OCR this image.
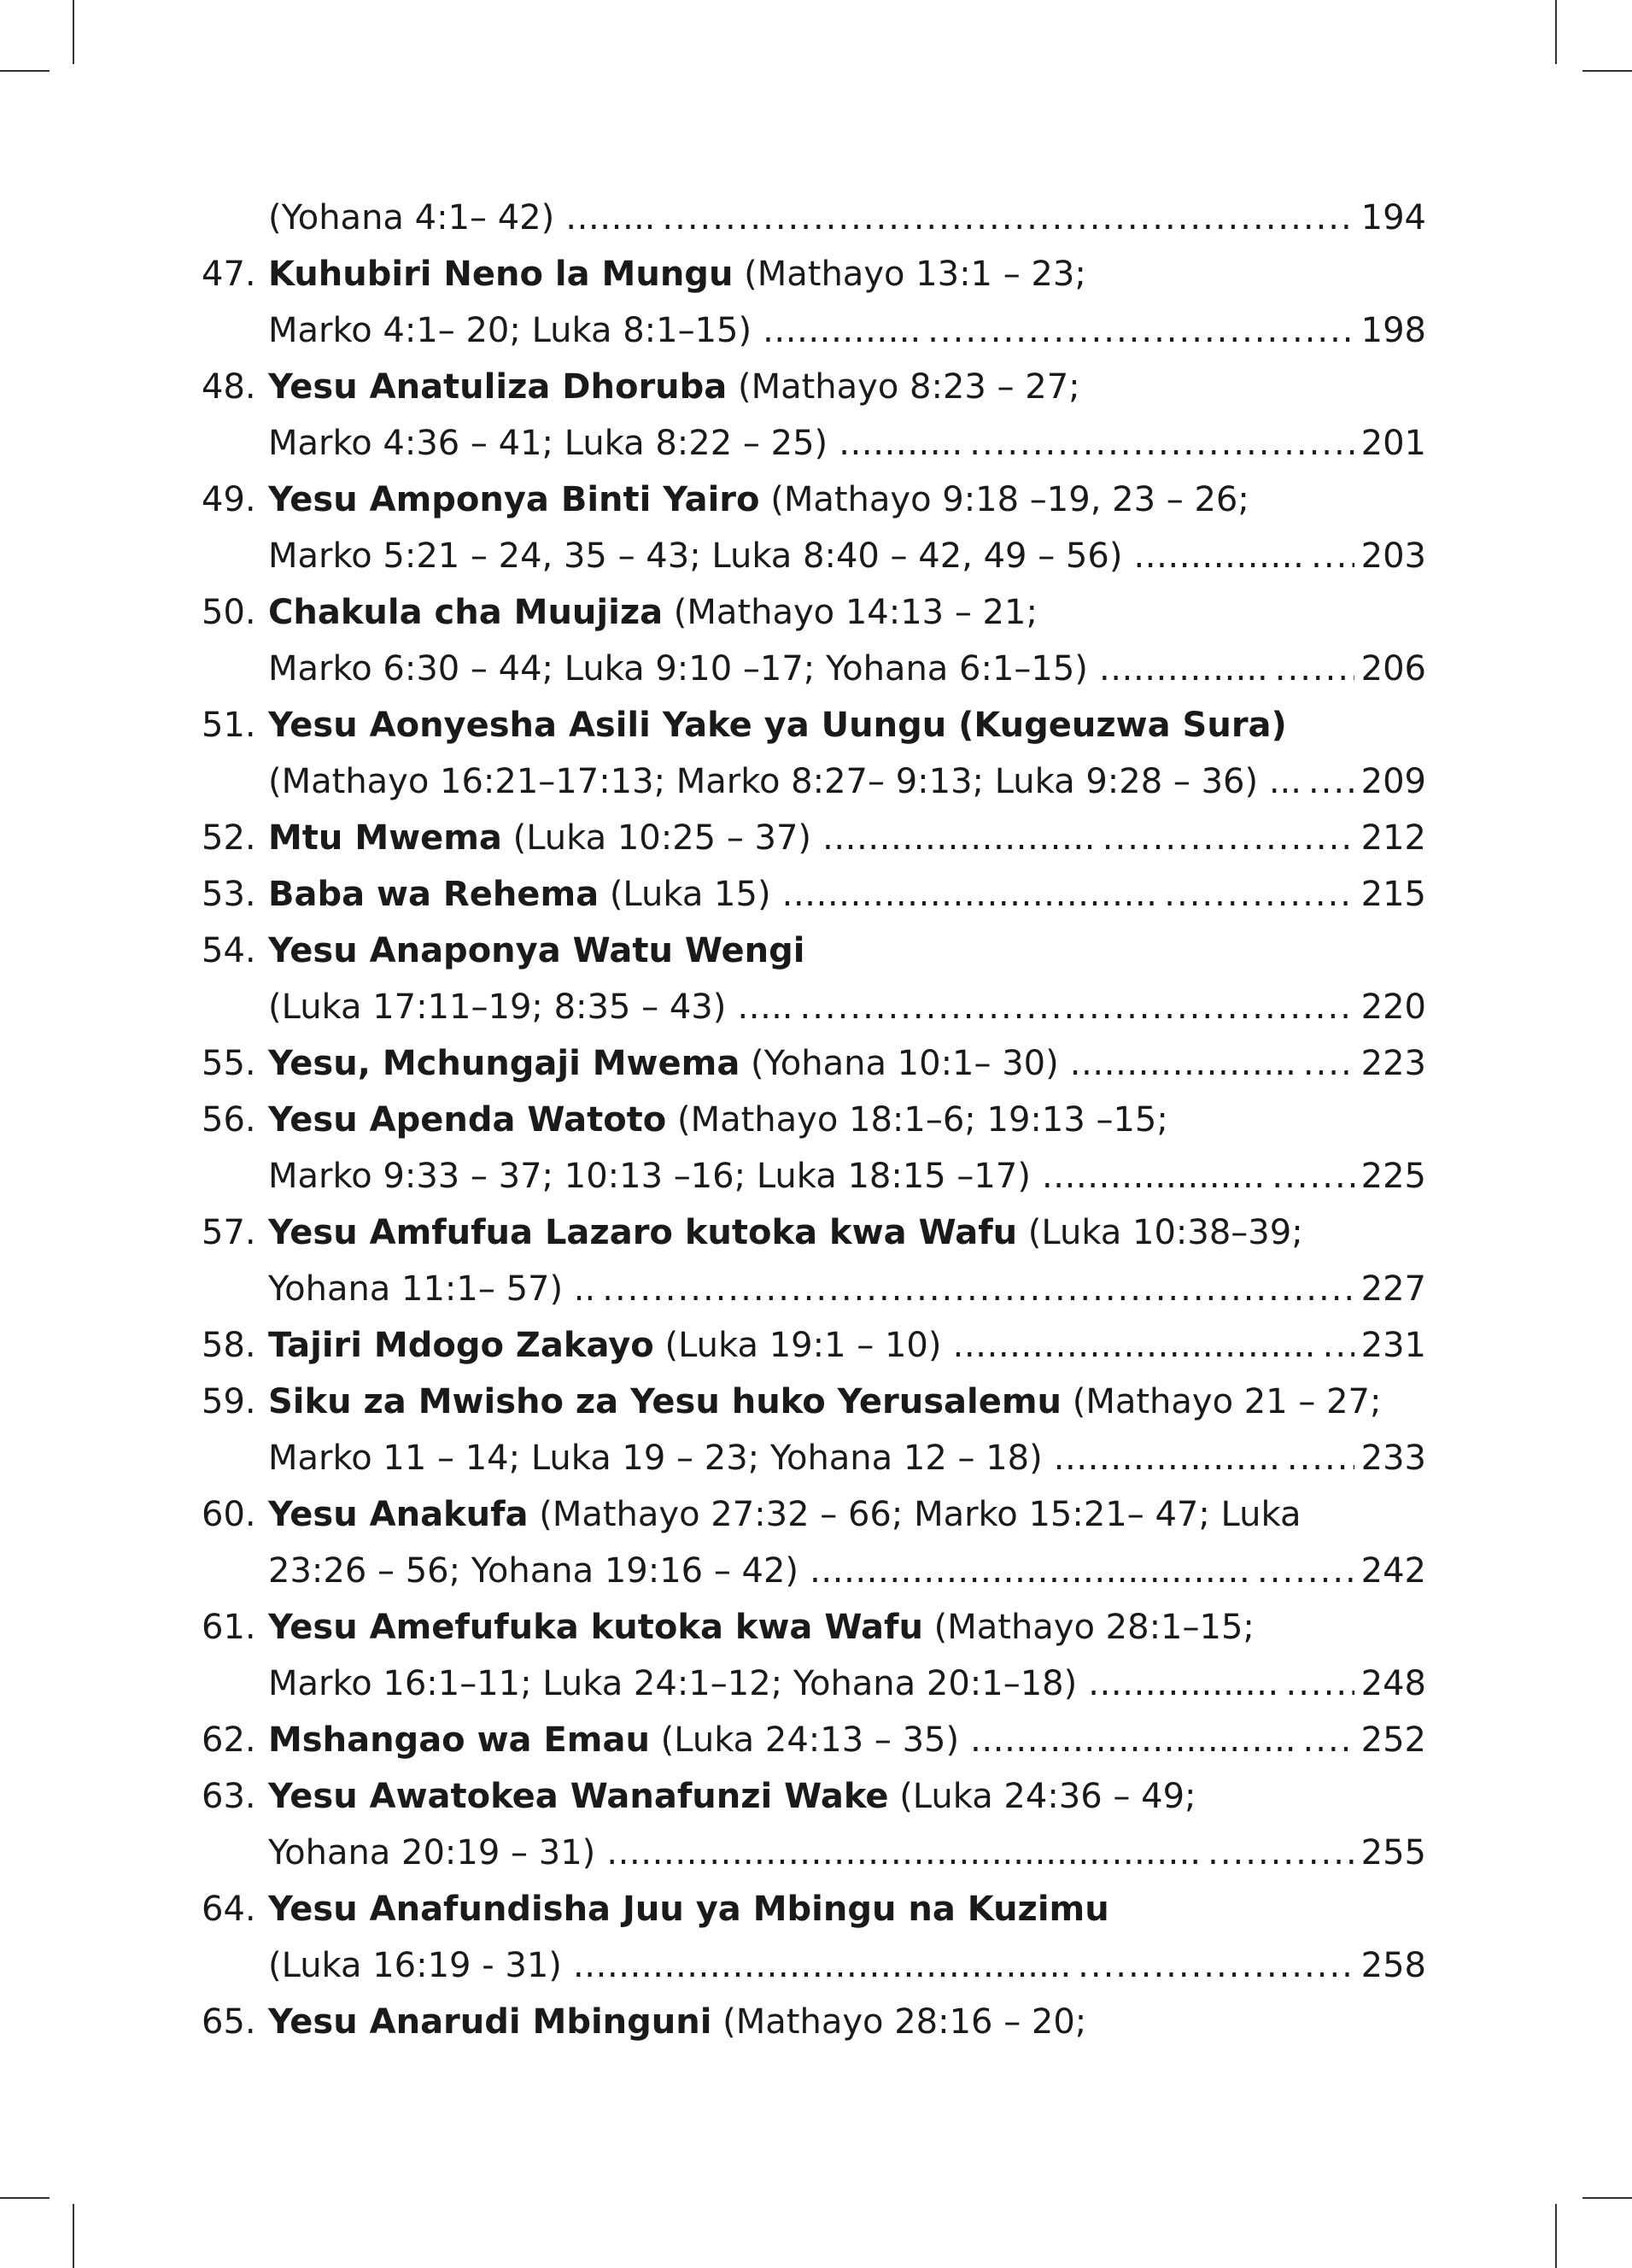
(Yohana 4:1– 42) …….. .....	194
47. Kuhubiri Neno la Mungu (Mathayo 13:1 – 23;
Marko 4:1– 20; Luka 8:1–15) ………….. .....	198
48. Yesu Anatuliza Dhoruba (Mathayo 8:23 – 27;
Marko 4:36 – 41; Luka 8:22 – 25) ……….. .....	201
49. Yesu Amponya Binti Yairo (Mathayo 9:18 –19, 23 – 26;
Marko 5:21 – 24, 35 – 43; Luka 8:40 – 42, 49 – 56) …………… ..... 203
50. Chakula cha Muujiza (Mathayo 14:13 – 21;
Marko 6:30 – 44; Luka 9:10 –17; Yohana 6:1–15) …………... .....	206
51. Yesu Aonyesha Asili Yake ya Uungu (Kugeuzwa Sura)
(Mathayo 16:21–17:13; Marko 8:27– 9:13; Luka 9:28 – 36) ... ..... 209
52. Mtu Mwema (Luka 10:25 – 37) …………………… .....	212
53. Baba wa Rehema (Luka 15) …………………………… .....	215
54. Yesu Anaponya Watu Wengi
(Luka 17:11–19; 8:35 – 43) ….. .....	220
55. Yesu, Mchungaji Mwema (Yohana 10:1– 30) ……………….. ..... 223
56. Yesu Apenda Watoto (Mathayo 18:1–6; 19:13 –15;
Marko 9:33 – 37; 10:13 –16; Luka 18:15 –17) ………........… .....	225
57. Yesu Amfufua Lazaro kutoka kwa Wafu (Luka 10:38–39;
Yohana 11:1– 57) .. .....	227
58. Tajiri Mdogo Zakayo (Luka 19:1 – 10) …………………..……… ..... 231
59. Siku za Mwisho za Yesu huko Yerusalemu (Mathayo 21 – 27;
Marko 11 – 14; Luka 19 – 23; Yohana 12 – 18) ……………….. ..... 233
60. Yesu Anakufa (Mathayo 27:32 – 66; Marko 15:21– 47; Luka
23:26 – 56; Yohana 19:16 – 42) ………………………......…… .....	242
61. Yesu Amefufuka kutoka kwa Wafu (Mathayo 28:1–15;
Marko 16:1–11; Luka 24:1–12; Yohana 20:1–18) ……….....… ..... 248
62. Mshangao wa Emau (Luka 24:13 – 35) ………………......….. ..... 252
63. Yesu Awatokea Wanafunzi Wake (Luka 24:36 – 49;
Yohana 20:19 – 31) ………….……………….............….….. .....	255
64. Yesu Anafundisha Juu ya Mbingu na Kuzimu
(Luka 16:19 - 31) …………………………………..... .....	258
65. Yesu Anarudi Mbinguni (Mathayo 28:16 – 20;
